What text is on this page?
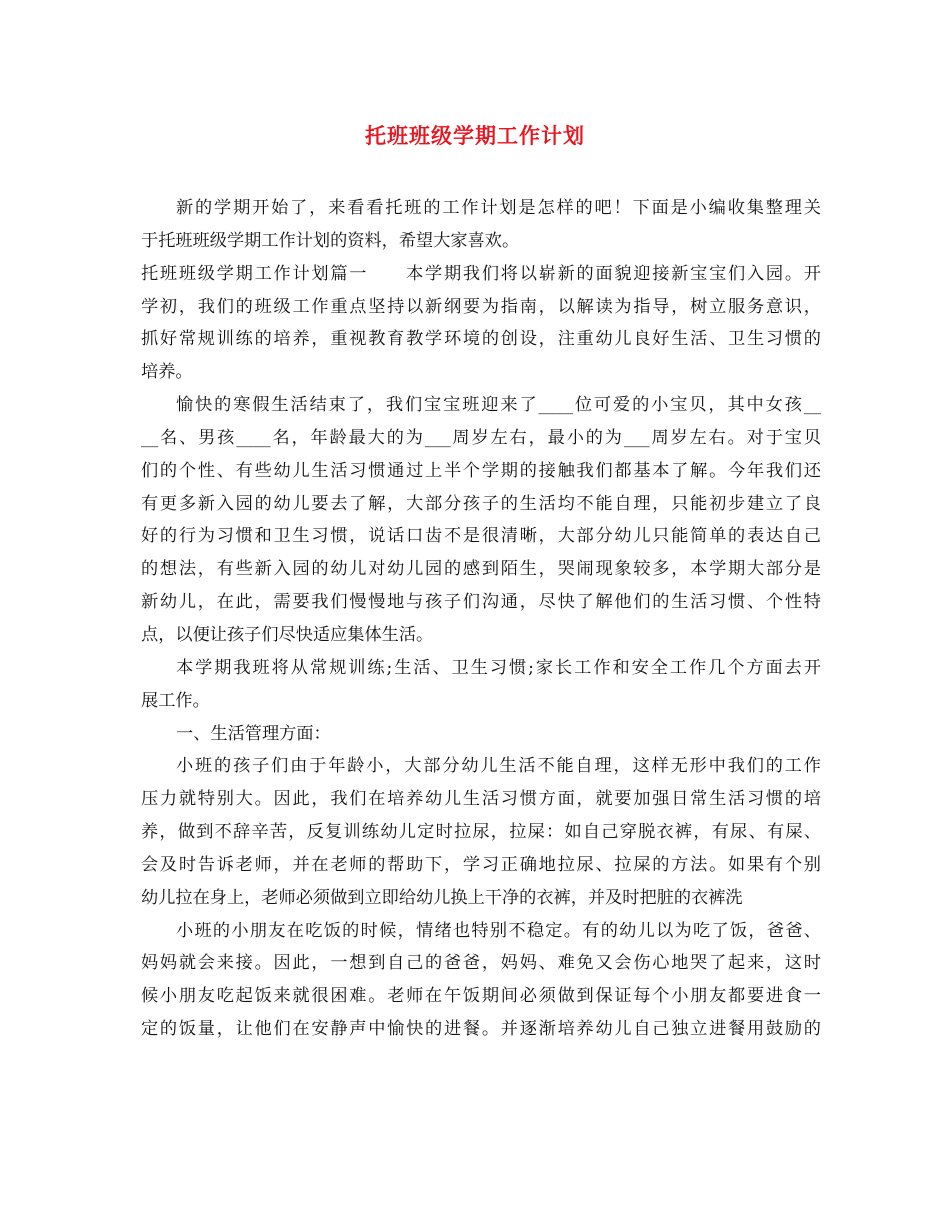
托班班级学期工作计划
新的学期开始了，来看看托班的工作计划是怎样的吧！下面是小编收集整理关
于托班班级学期工作计划的资料，希望大家喜欢。
托班班级学期工作计划篇一　　本学期我们将以崭新的面貌迎接新宝宝们入园。开
学初，我们的班级工作重点坚持以新纲要为指南，以解读为指导，树立服务意识，
抓好常规训练的培养，重视教育教学环境的创设，注重幼儿良好生活、卫生习惯的
培养。
愉快的寒假生活结束了，我们宝宝班迎来了____位可爱的小宝贝，其中女孩__
__名、男孩____名，年龄最大的为___周岁左右，最小的为___周岁左右。对于宝贝
们的个性、有些幼儿生活习惯通过上半个学期的接触我们都基本了解。今年我们还
有更多新入园的幼儿要去了解，大部分孩子的生活均不能自理，只能初步建立了良
好的行为习惯和卫生习惯，说话口齿不是很清晰，大部分幼儿只能简单的表达自己
的想法，有些新入园的幼儿对幼儿园的感到陌生，哭闹现象较多，本学期大部分是
新幼儿，在此，需要我们慢慢地与孩子们沟通，尽快了解他们的生活习惯、个性特
点，以便让孩子们尽快适应集体生活。
本学期我班将从常规训练;生活、卫生习惯;家长工作和安全工作几个方面去开
展工作。
一、生活管理方面：
小班的孩子们由于年龄小，大部分幼儿生活不能自理，这样无形中我们的工作
压力就特别大。因此，我们在培养幼儿生活习惯方面，就要加强日常生活习惯的培
养，做到不辞辛苦，反复训练幼儿定时拉尿，拉屎：如自己穿脱衣裤，有尿、有屎、
会及时告诉老师，并在老师的帮助下，学习正确地拉尿、拉屎的方法。如果有个别
幼儿拉在身上，老师必须做到立即给幼儿换上干净的衣裤，并及时把脏的衣裤洗
小班的小朋友在吃饭的时候，情绪也特别不稳定。有的幼儿以为吃了饭，爸爸、
妈妈就会来接。因此，一想到自己的爸爸，妈妈、难免又会伤心地哭了起来，这时
候小朋友吃起饭来就很困难。老师在午饭期间必须做到保证每个小朋友都要进食一
定的饭量，让他们在安静声中愉快的进餐。并逐渐培养幼儿自己独立进餐用鼓励的
